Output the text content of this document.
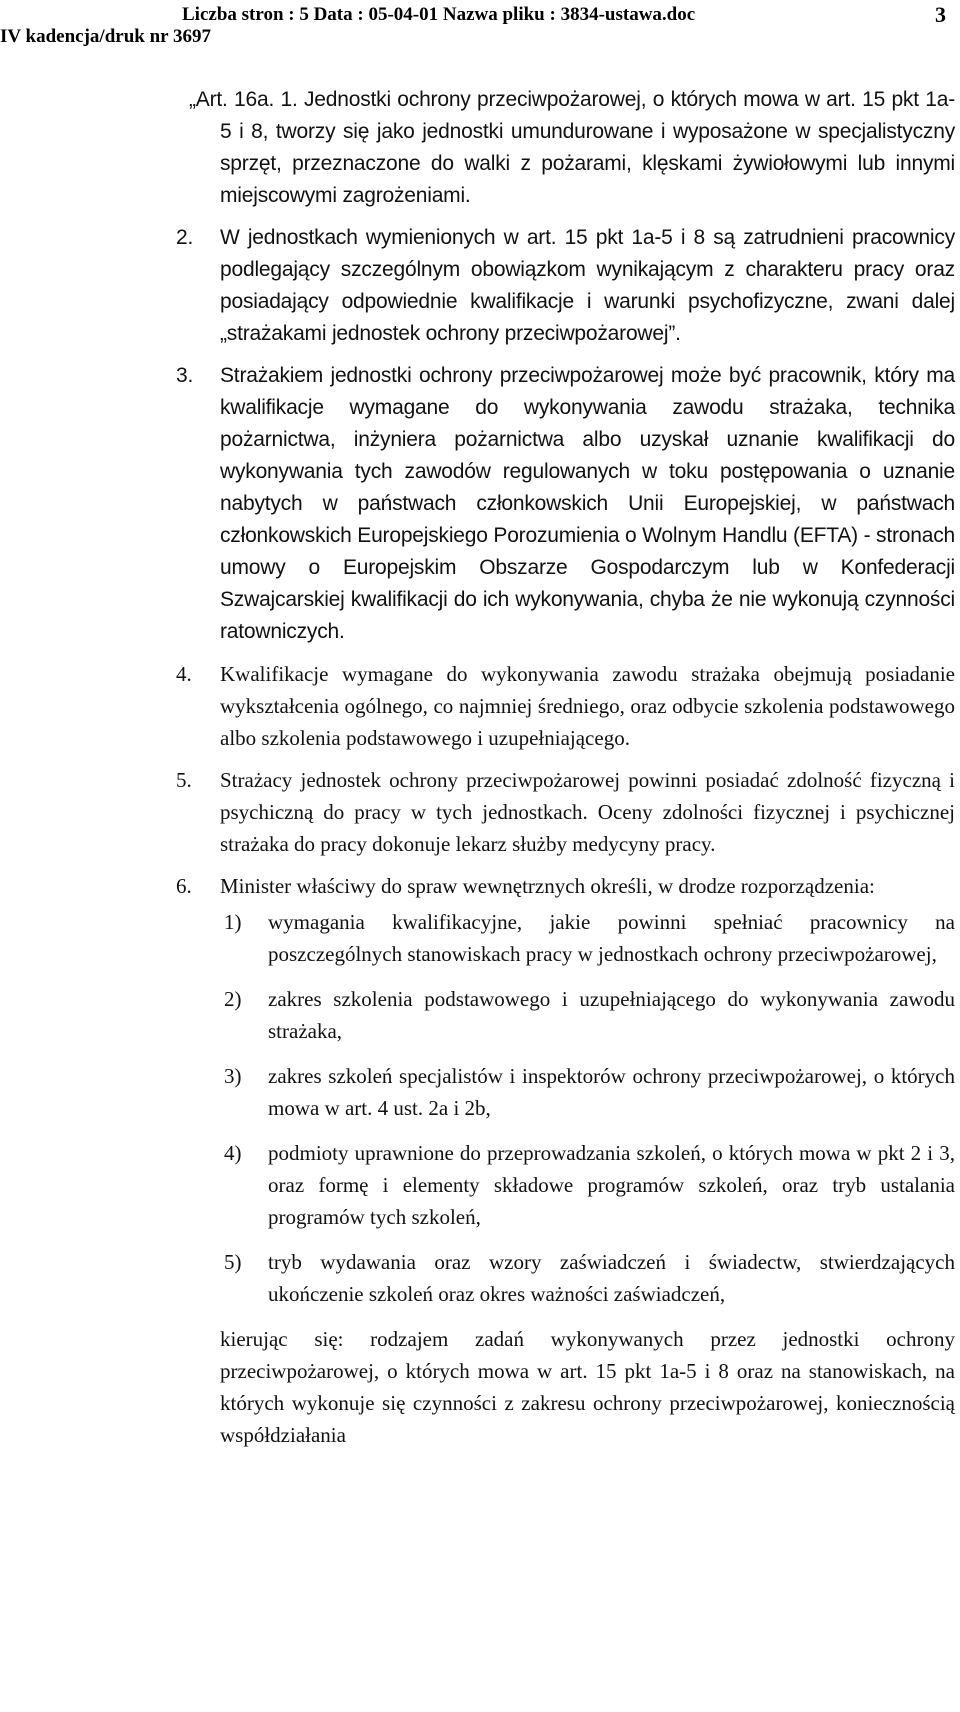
Liczba stron : 5 Data : 05-04-01 Nazwa pliku : 3834-ustawa.doc
IV kadencja/druk nr 3697
3

„Art. 16a. 1. Jednostki ochrony przeciwpożarowej, o których mowa w art. 15 pkt 1a-5 i 8, tworzy się jako jednostki umundurowane i wyposażone w specjalistyczny sprzęt, przeznaczone do walki z pożarami, klęskami żywiołowymi lub innymi miejscowymi zagrożeniami.

2. W jednostkach wymienionych w art. 15 pkt 1a-5 i 8 są zatrudnieni pracownicy podlegający szczególnym obowiązkom wynikającym z charakteru pracy oraz posiadający odpowiednie kwalifikacje i warunki psychofizyczne, zwani dalej „strażakami jednostek ochrony przeciwpożarowej”.

3. Strażakiem jednostki ochrony przeciwpożarowej może być pracownik, który ma kwalifikacje wymagane do wykonywania zawodu strażaka, technika pożarnictwa, inżyniera pożarnictwa albo uzyskał uznanie kwalifikacji do wykonywania tych zawodów regulowanych w toku postępowania o uznanie nabytych w państwach członkowskich Unii Europejskiej, w państwach członkowskich Europejskiego Porozumienia o Wolnym Handlu (EFTA) - stronach umowy o Europejskim Obszarze Gospodarczym lub w Konfederacji Szwajcarskiej kwalifikacji do ich wykonywania, chyba że nie wykonują czynności ratowniczych.

4. Kwalifikacje wymagane do wykonywania zawodu strażaka obejmują posiadanie wykształcenia ogólnego, co najmniej średniego, oraz odbycie szkolenia podstawowego albo szkolenia podstawowego i uzupełniającego.

5. Strażacy jednostek ochrony przeciwpożarowej powinni posiadać zdolność fizyczną i psychiczną do pracy w tych jednostkach. Oceny zdolności fizycznej i psychicznej strażaka do pracy dokonuje lekarz służby medycyny pracy.

6. Minister właściwy do spraw wewnętrznych określi, w drodze rozporządzenia:

1) wymagania kwalifikacyjne, jakie powinni spełniać pracownicy na poszczególnych stanowiskach pracy w jednostkach ochrony przeciwpożarowej,

2) zakres szkolenia podstawowego i uzupełniającego do wykonywania zawodu strażaka,

3) zakres szkoleń specjalistów i inspektorów ochrony przeciwpożarowej, o których mowa w art. 4 ust. 2a i 2b,

4) podmioty uprawnione do przeprowadzania szkoleń, o których mowa w pkt 2 i 3, oraz formę i elementy składowe programów szkoleń, oraz tryb ustalania programów tych szkoleń,

5) tryb wydawania oraz wzory zaświadczeń i świadectw, stwierdzających ukończenie szkoleń oraz okres ważności zaświadczeń,

kierując się: rodzajem zadań wykonywanych przez jednostki ochrony przeciwpożarowej, o których mowa w art. 15 pkt 1a-5 i 8 oraz na stanowiskach, na których wykonuje się czynności z zakresu ochrony przeciwpożarowej, koniecznością współdziałania
